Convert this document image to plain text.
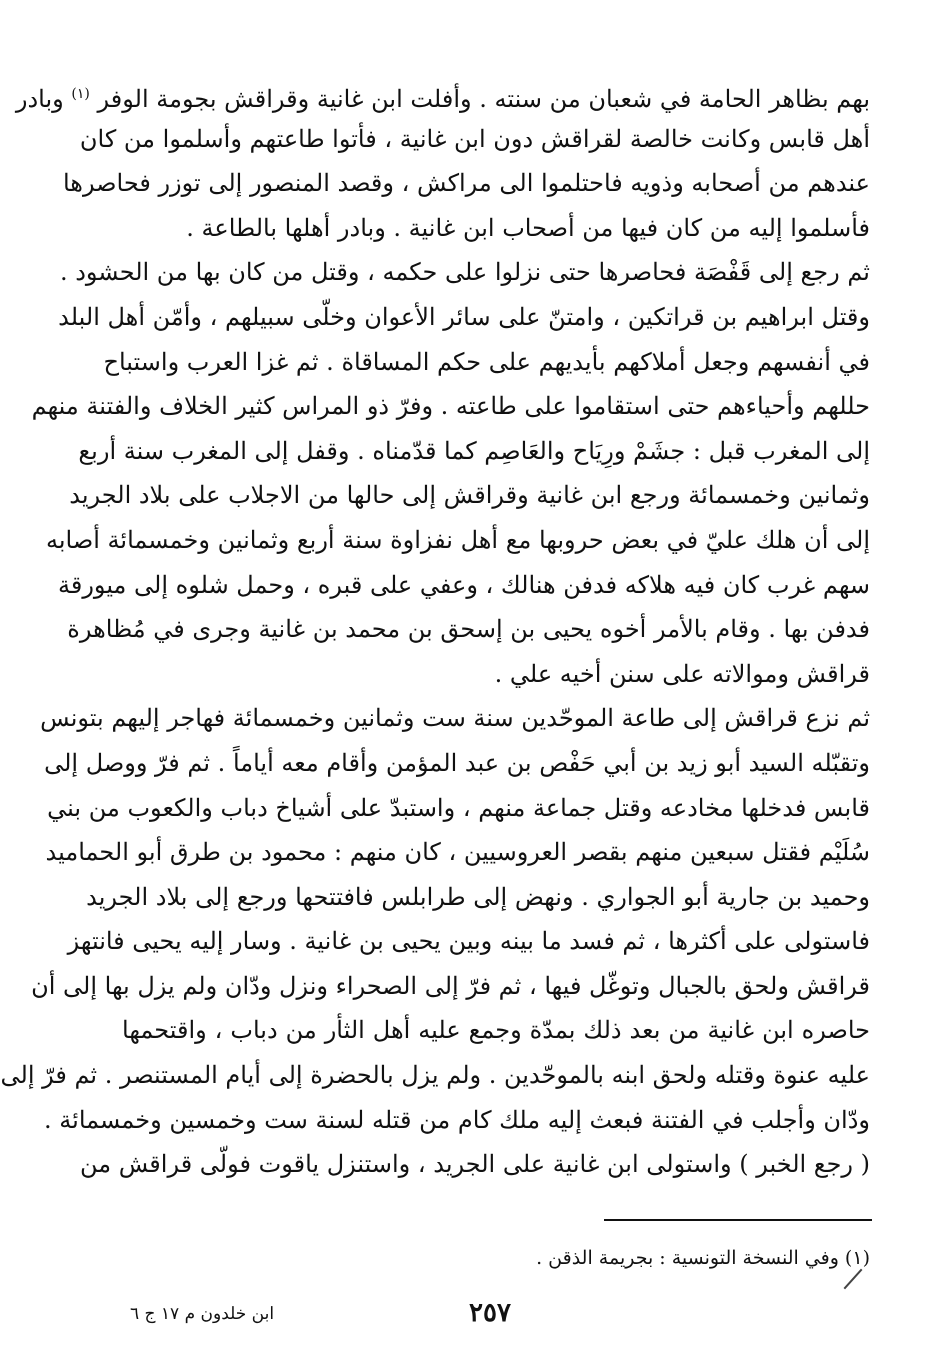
بهم بظاهر الحامة في شعبان من سنته . وأفلت ابن غانية وقراقش بجومة الوفر $^{(١)}$ وبادر
أهل قابس وكانت خالصة لقراقش دون ابن غانية ، فأتوا طاعتهم وأسلموا من كان
عندهم من أصحابه وذويه فاحتلموا الى مراكش ، وقصد المنصور إلى توزر فحاصرها
فأسلموا إليه من كان فيها من أصحاب ابن غانية . وبادر أهلها بالطاعة .
ثم رجع إلى قَفْصَة فحاصرها حتى نزلوا على حكمه ، وقتل من كان بها من الحشود .
وقتل ابراهيم بن قراتكين ، وامتنّ على سائر الأعوان وخلّى سبيلهم ، وأمّن أهل البلد
في أنفسهم وجعل أملاكهم بأيديهم على حكم المساقاة . ثم غزا العرب واستباح
حللهم وأحياءهم حتى استقاموا على طاعته . وفرّ ذو المراس كثير الخلاف والفتنة منهم
إلى المغرب قبل : جشَمْ ورِيَاح والعَاصِم كما قدّمناه . وقفل إلى المغرب سنة أربع
وثمانين وخمسمائة ورجع ابن غانية وقراقش إلى حالها من الاجلاب على بلاد الجريد
إلى أن هلك عليّ في بعض حروبها مع أهل نفزاوة سنة أربع وثمانين وخمسمائة أصابه
سهم غرب كان فيه هلاكه فدفن هنالك ، وعفي على قبره ، وحمل شلوه إلى ميورقة
فدفن بها . وقام بالأمر أخوه يحيى بن إسحق بن محمد بن غانية وجرى في مُظاهرة
قراقش وموالاته على سنن أخيه علي .
ثم نزع قراقش إلى طاعة الموحّدين سنة ست وثمانين وخمسمائة فهاجر إليهم بتونس
وتقبّله السيد أبو زيد بن أبي حَفْص بن عبد المؤمن وأقام معه أياماً . ثم فرّ ووصل إلى
قابس فدخلها مخادعه وقتل جماعة منهم ، واستبدّ على أشياخ دباب والكعوب من بني
سُلَيْم فقتل سبعين منهم بقصر العروسيين ، كان منهم : محمود بن طرق أبو الحماميد
وحميد بن جارية أبو الجواري . ونهض إلى طرابلس فافتتحها ورجع إلى بلاد الجريد
فاستولى على أكثرها ، ثم فسد ما بينه وبين يحيى بن غانية . وسار إليه يحيى فانتهز
قراقش ولحق بالجبال وتوغّل فيها ، ثم فرّ إلى الصحراء ونزل ودّان ولم يزل بها إلى أن
حاصره ابن غانية من بعد ذلك بمدّة وجمع عليه أهل الثأر من دباب ، واقتحمها
عليه عنوة وقتله ولحق ابنه بالموحّدين . ولم يزل بالحضرة إلى أيام المستنصر . ثم فرّ إلى
ودّان وأجلب في الفتنة فبعث إليه ملك كام من قتله لسنة ست وخمسين وخمسمائة .
( رجع الخبر ) واستولى ابن غانية على الجريد ، واستنزل ياقوت فولّى قراقش من
(١) وفي النسخة التونسية : بجريمة الذقن .
٢٥٧
ابن خلدون م ١٧ ج ٦
